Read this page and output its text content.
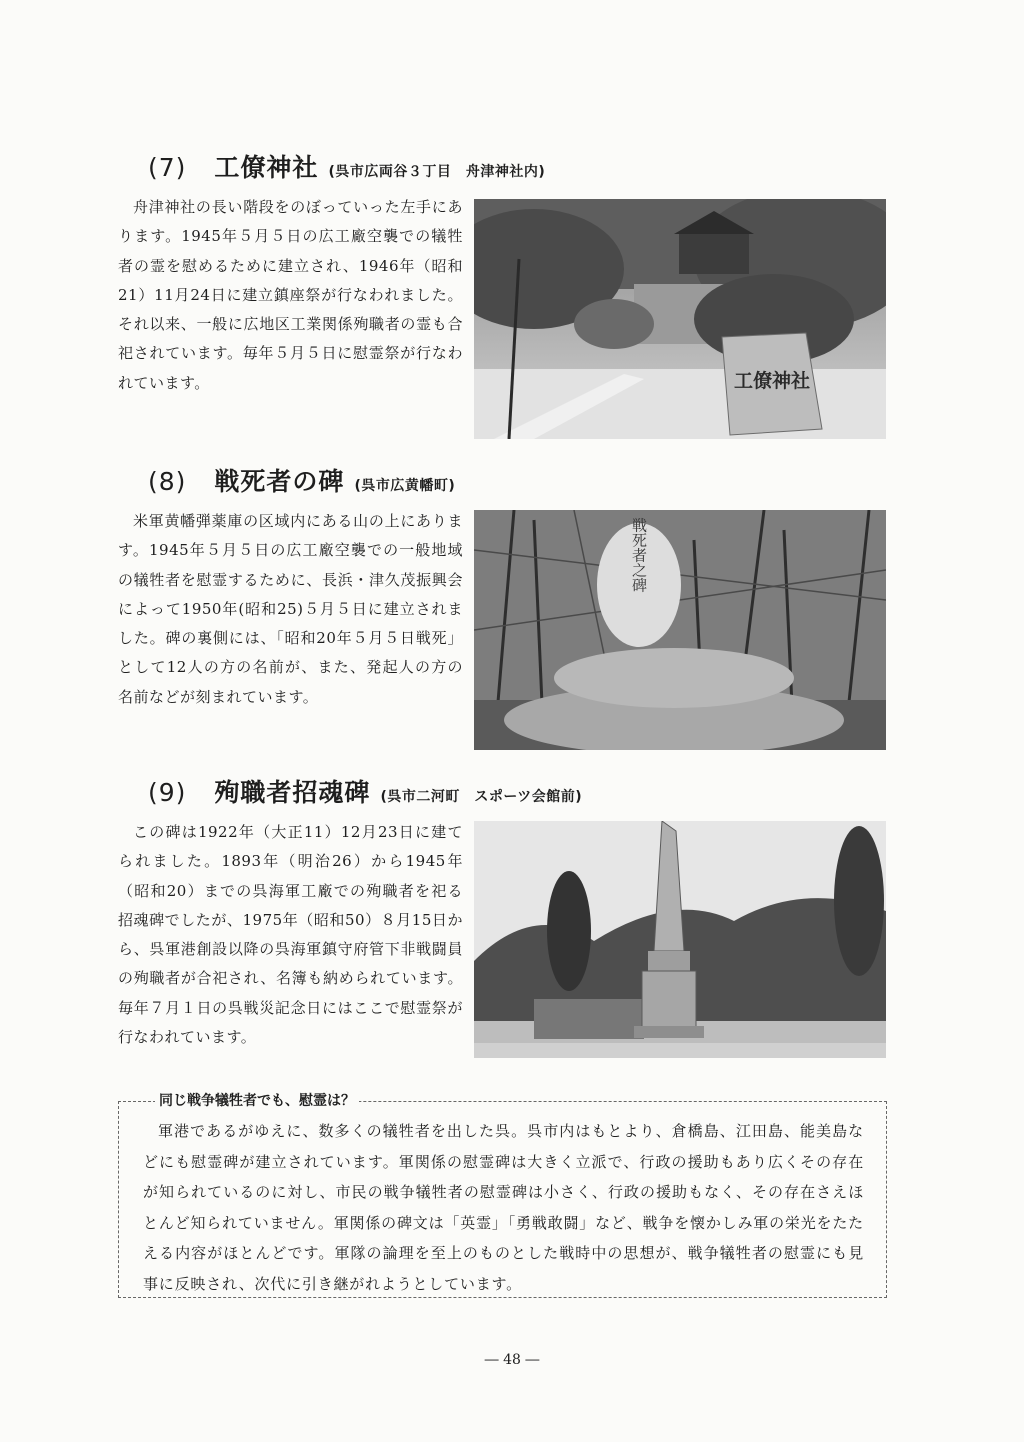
(7) 工僚神社 (呉市広両谷３丁目　舟津神社内)

舟津神社の長い階段をのぼっていった左手にあります。1945年５月５日の広工廠空襲での犠牲者の霊を慰めるために建立され、1946年（昭和21）11月24日に建立鎮座祭が行なわれました。それ以来、一般に広地区工業関係殉職者の霊も合祀されています。毎年５月５日に慰霊祭が行なわれています。	工僚神社
(8) 戦死者の碑 (呉市広黄幡町)

米軍黄幡弾薬庫の区域内にある山の上にあります。1945年５月５日の広工廠空襲での一般地域の犠牲者を慰霊するために、長浜・津久茂振興会によって1950年(昭和25)５月５日に建立されました。碑の裏側には、「昭和20年５月５日戦死」として12人の方の名前が、また、発起人の方の名前などが刻まれています。

戦死者之碑
(9) 殉職者招魂碑 (呉市二河町　スポーツ会館前)

この碑は1922年（大正11）12月23日に建てられました。1893年（明治26）から1945年（昭和20）までの呉海軍工廠での殉職者を祀る招魂碑でしたが、1975年（昭和50）８月15日から、呉軍港創設以降の呉海軍鎮守府管下非戦闘員の殉職者が合祀され、名簿も納められています。毎年７月１日の呉戦災記念日にはここで慰霊祭が行なわれています。

同じ戦争犠牲者でも、慰霊は？

軍港であるがゆえに、数多くの犠牲者を出した呉。呉市内はもとより、倉橋島、江田島、能美島などにも慰霊碑が建立されています。軍関係の慰霊碑は大きく立派で、行政の援助もあり広くその存在が知られているのに対し、市民の戦争犠牲者の慰霊碑は小さく、行政の援助もなく、その存在さえほとんど知られていません。軍関係の碑文は「英霊」「勇戦敢闘」など、戦争を懐かしみ軍の栄光をたたえる内容がほとんどです。軍隊の論理を至上のものとした戦時中の思想が、戦争犠牲者の慰霊にも見事に反映され、次代に引き継がれようとしています。

― 48 ―
